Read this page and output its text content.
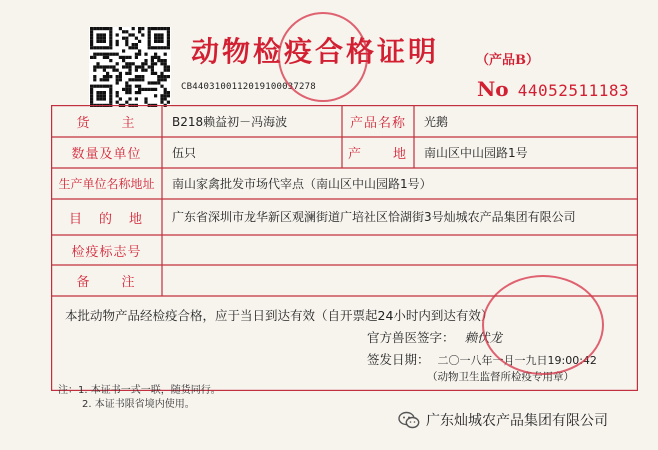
CB4403100112019100037278
动物检疫合格证明	（产品B）
No 44052511183
货　　主	B218赖益初－冯海波	产品名称	光鹅
数量及单位	伍只	产　　地	南山区中山园路1号
生产单位名称地址	南山家禽批发市场代宰点（南山区中山园路1号）
目　的　地	广东省深圳市龙华新区观澜街道广培社区恰湖街3号灿城农产品集团有限公司
检疫标志号
备　　注
本批动物产品经检疫合格，应于当日到达有效（自开票起24小时内到达有效）
官方兽医签字： 赖伏龙
签发日期： 二〇一八年一月一九日19:00:42
（动物卫生监督所检疫专用章）
注：1. 本证书一式一联，随货同行。
2. 本证书限省境内使用。
广东灿城农产品集团有限公司
